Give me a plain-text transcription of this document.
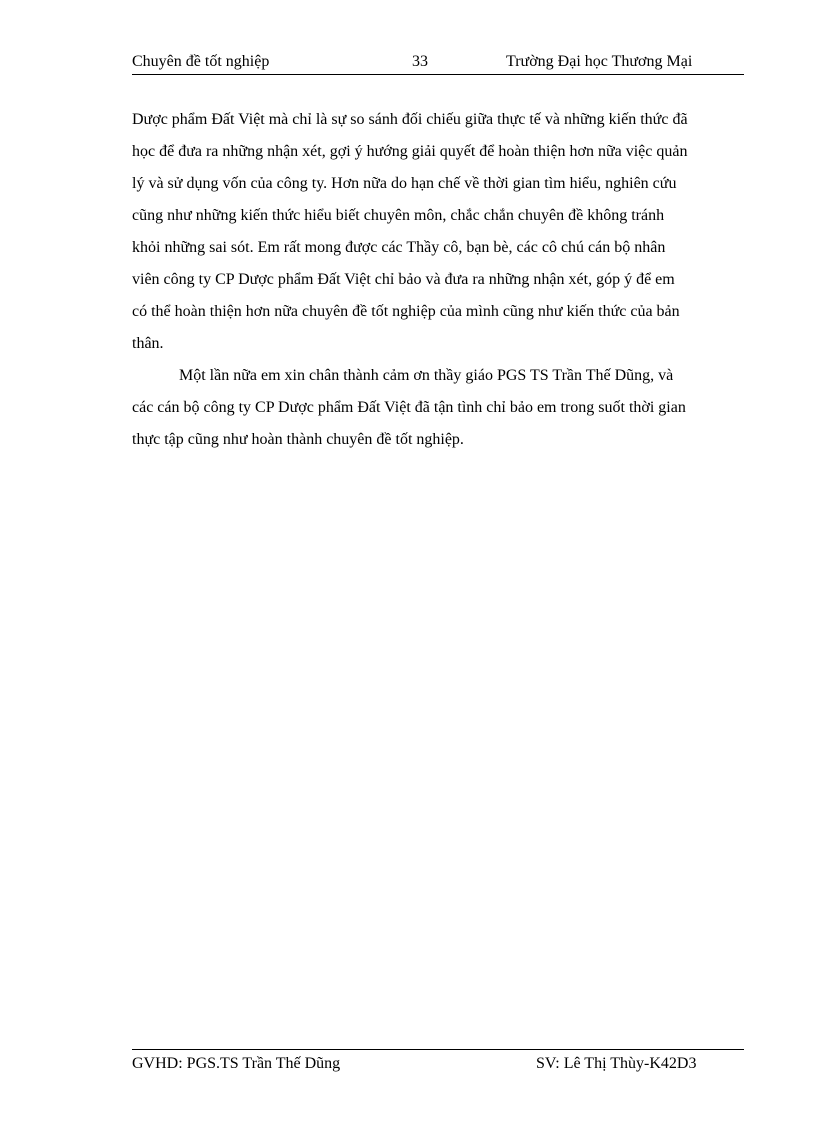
Chuyên đề tốt nghiệp	33	Trường Đại học Thương Mại
Dược phẩm Đất Việt mà chỉ là sự so sánh đối chiếu giữa thực tế và những kiến thức đã
học để đưa ra những nhận xét, gợi ý hướng giải quyết để hoàn thiện hơn nữa việc quản
lý và sử dụng vốn của công ty. Hơn nữa do hạn chế về thời gian tìm hiểu, nghiên cứu
cũng như những kiến thức hiểu biết chuyên môn, chắc chắn chuyên đề không tránh
khỏi những sai sót. Em rất mong được các Thầy cô, bạn bè, các cô chú cán bộ nhân
viên công ty CP Dược phẩm Đất Việt chỉ bảo và đưa ra những nhận xét, góp ý để em
có thể hoàn thiện hơn nữa chuyên đề tốt nghiệp của mình cũng như kiến thức của bản
thân.
Một lần nữa em xin chân thành cảm ơn thầy giáo PGS TS Trần Thế Dũng, và
các cán bộ công ty CP Dược phẩm Đất Việt đã tận tình chỉ bảo em trong suốt thời gian
thực tập cũng như hoàn thành chuyên đề tốt nghiệp.
GVHD: PGS.TS Trần Thế Dũng	SV: Lê Thị Thùy-K42D3
